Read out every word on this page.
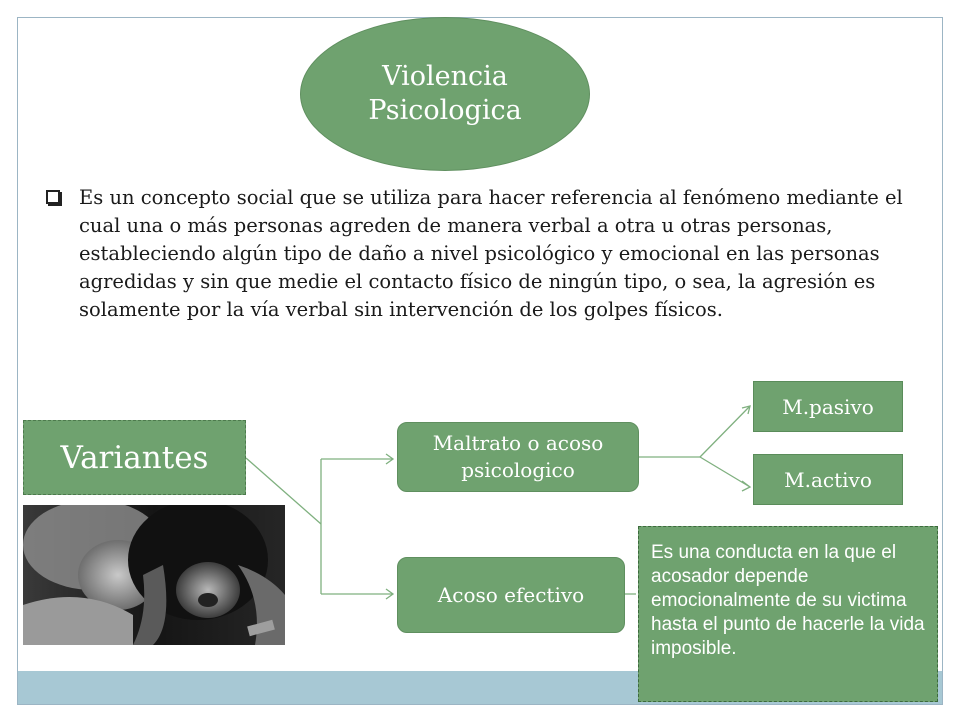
Violencia
Psicologica
Es un concepto social que se utiliza para hacer referencia al fenómeno mediante el cual una o más personas agreden de manera verbal a otra u otras personas, estableciendo algún tipo de daño a nivel psicológico y emocional en las personas agredidas y sin que medie el contacto físico de ningún tipo, o sea, la agresión es solamente por la vía verbal sin intervención de los golpes físicos.
Variantes	Maltrato o acoso
psicologico
Acoso efectivo
M.pasivo
M.activo
Es una conducta en la que el acosador depende emocionalmente de su victima hasta el punto de hacerle la vida imposible.
